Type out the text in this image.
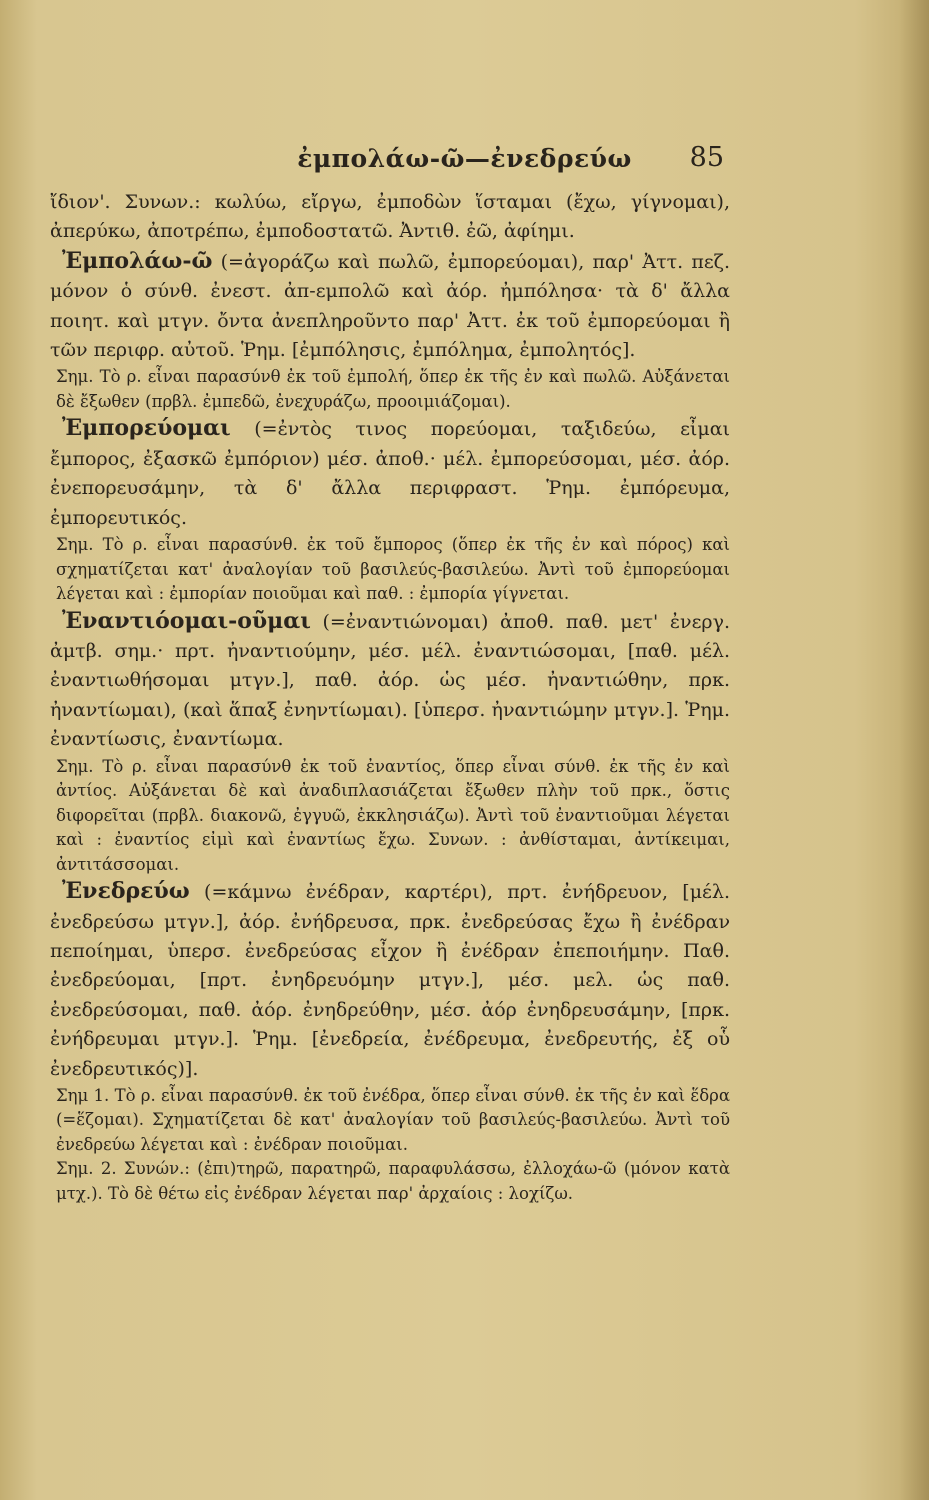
ἐμπολάω-ῶ—ἐνεδρεύω	85

ἴδιον'. Συνων.: κωλύω, εἴργω, ἐμποδὼν ἵσταμαι (ἔχω, γίγνομαι), ἀπερύκω, ἀποτρέπω, ἐμποδοστατῶ. Ἀντιθ. ἐῶ, ἀφίημι.

Ἐμπολάω-ῶ (=ἀγοράζω καὶ πωλῶ, ἐμπορεύομαι), παρ' Ἀττ. πεζ. μόνον ὁ σύνθ. ἐνεστ. ἀπ-εμπολῶ καὶ ἀόρ. ἠμπόλησα· τὰ δ' ἄλλα ποιητ. καὶ μτγν. ὄντα ἀνεπληροῦντο παρ' Ἀττ. ἐκ τοῦ ἐμπορεύομαι ἢ τῶν περιφρ. αὐτοῦ. Ῥημ. [ἐμπόλησις, ἐμπόλημα, ἐμπολητός].

Σημ. Τὸ ρ. εἶναι παρασύνθ ἐκ τοῦ ἐμπολή, ὅπερ ἐκ τῆς ἐν καὶ πωλῶ. Αὐξάνεται δὲ ἔξωθεν (πρβλ. ἐμπεδῶ, ἐνεχυράζω, προοιμιάζομαι).

Ἐμπορεύομαι (=ἐντὸς τινος πορεύομαι, ταξιδεύω, εἶμαι ἔμπορος, ἐξασκῶ ἐμπόριον) μέσ. ἀποθ.· μέλ. ἐμπορεύσομαι, μέσ. ἀόρ. ἐνεπορευσάμην, τὰ δ' ἄλλα περιφραστ. Ῥημ. ἐμπόρευμα, ἐμπορευτικός.

Σημ. Τὸ ρ. εἶναι παρασύνθ. ἐκ τοῦ ἔμπορος (ὅπερ ἐκ τῆς ἐν καὶ πόρος) καὶ σχηματίζεται κατ' ἀναλογίαν τοῦ βασιλεύς-βασιλεύω. Ἀντὶ τοῦ ἐμπορεύομαι λέγεται καὶ : ἐμπορίαν ποιοῦμαι καὶ παθ. : ἐμπορία γίγνεται.

Ἐναντιόομαι-οῦμαι (=ἐναντιώνομαι) ἀποθ. παθ. μετ' ἐνεργ. ἀμτβ. σημ.· πρτ. ἠναντιούμην, μέσ. μέλ. ἐναντιώσομαι, [παθ. μέλ. ἐναντιωθήσομαι μτγν.], παθ. ἀόρ. ὡς μέσ. ἠναντιώθην, πρκ. ἠναντίωμαι), (καὶ ἅπαξ ἐνηντίωμαι). [ὑπερσ. ἠναντιώμην μτγν.]. Ῥημ. ἐναντίωσις, ἐναντίωμα.

Σημ. Τὸ ρ. εἶναι παρασύνθ ἐκ τοῦ ἐναντίος, ὅπερ εἶναι σύνθ. ἐκ τῆς ἐν καὶ ἀντίος. Αὐξάνεται δὲ καὶ ἀναδιπλασιάζεται ἔξωθεν πλὴν τοῦ πρκ., ὅστις διφορεῖται (πρβλ. διακονῶ, ἐγγυῶ, ἐκκλησιάζω). Ἀντὶ τοῦ ἐναντιοῦμαι λέγεται καὶ : ἐναντίος εἰμὶ καὶ ἐναντίως ἔχω. Συνων. : ἀνθίσταμαι, ἀντίκειμαι, ἀντιτάσσομαι.

Ἐνεδρεύω (=κάμνω ἐνέδραν, καρτέρι), πρτ. ἐνήδρευον, [μέλ. ἐνεδρεύσω μτγν.], ἀόρ. ἐνήδρευσα, πρκ. ἐνεδρεύσας ἔχω ἢ ἐνέδραν πεποίημαι, ὑπερσ. ἐνεδρεύσας εἶχον ἢ ἐνέδραν ἐπεποιήμην. Παθ. ἐνεδρεύομαι, [πρτ. ἐνηδρευόμην μτγν.], μέσ. μελ. ὡς παθ. ἐνεδρεύσομαι, παθ. ἀόρ. ἐνηδρεύθην, μέσ. ἀόρ ἐνηδρευσάμην, [πρκ. ἐνήδρευμαι μτγν.]. Ῥημ. [ἐνεδρεία, ἐνέδρευμα, ἐνεδρευτής, ἐξ οὗ ἐνεδρευτικός)].

Σημ 1. Τὸ ρ. εἶναι παρασύνθ. ἐκ τοῦ ἐνέδρα, ὅπερ εἶναι σύνθ. ἐκ τῆς ἐν καὶ ἕδρα (=ἕζομαι). Σχηματίζεται δὲ κατ' ἀναλογίαν τοῦ βασιλεύς-βασιλεύω. Ἀντὶ τοῦ ἐνεδρεύω λέγεται καὶ : ἐνέδραν ποιοῦμαι.

Σημ. 2. Συνών.: (ἐπι)τηρῶ, παρατηρῶ, παραφυλάσσω, ἐλλοχάω-ῶ (μόνον κατὰ μτχ.). Τὸ δὲ θέτω εἰς ἐνέδραν λέγεται παρ' ἀρχαίοις : λοχίζω.
